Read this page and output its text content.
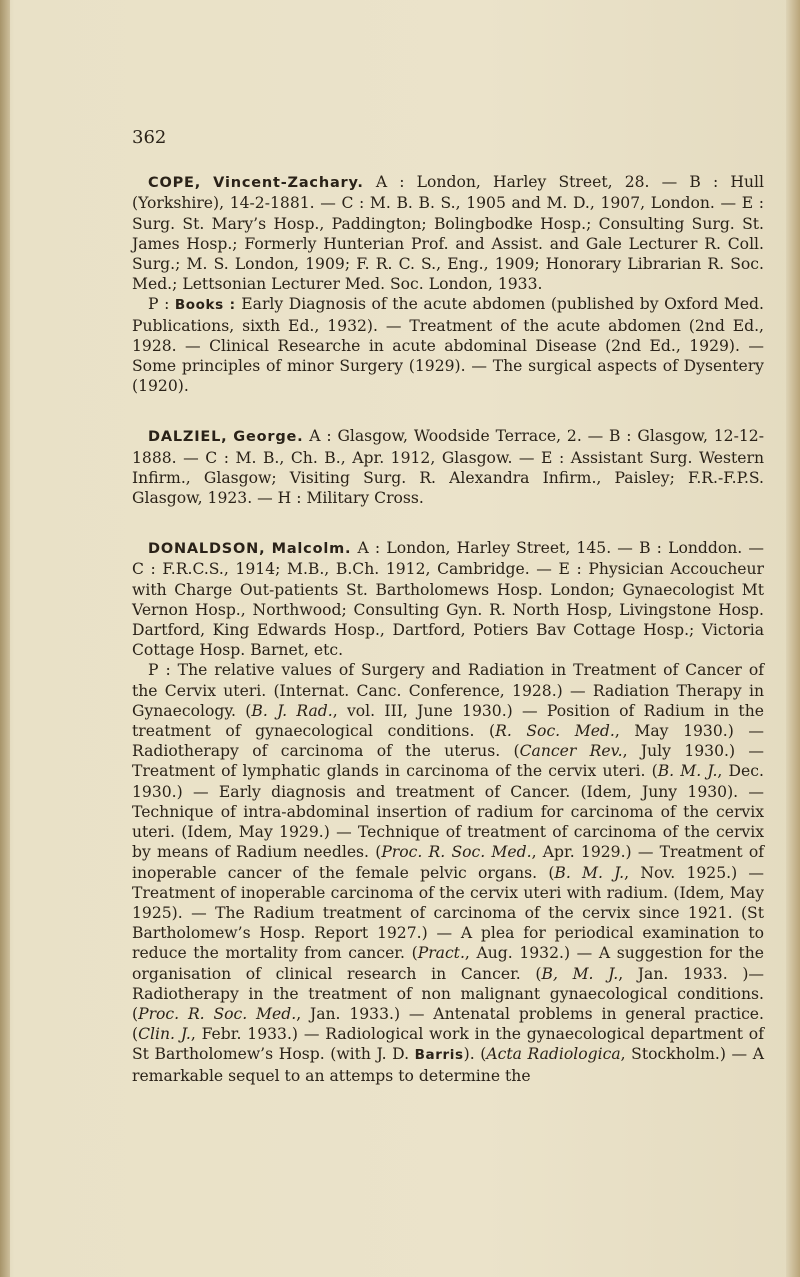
362

COPE, Vincent-Zachary. A : London, Harley Street, 28. — B : Hull (Yorkshire), 14-2-1881. — C : M. B. B. S., 1905 and M. D., 1907, London. — E : Surg. St. Mary’s Hosp., Paddington; Bolingbodke Hosp.; Consulting Surg. St. James Hosp.; Formerly Hunterian Prof. and Assist. and Gale Lecturer R. Coll. Surg.; M. S. London, 1909; F. R. C. S., Eng., 1909; Honorary Librarian R. Soc. Med.; Lettsonian Lecturer Med. Soc. London, 1933.

P : Books : Early Diagnosis of the acute abdomen (published by Oxford Med. Publications, sixth Ed., 1932). — Treatment of the acute abdomen (2nd Ed., 1928. — Clinical Researche in acute abdominal Disease (2nd Ed., 1929). — Some principles of minor Surgery (1929). — The surgical aspects of Dysentery (1920).

DALZIEL, George. A : Glasgow, Woodside Terrace, 2. — B : Glasgow, 12-12-1888. — C : M. B., Ch. B., Apr. 1912, Glasgow. — E : Assistant Surg. Western Infirm., Glasgow; Visiting Surg. R. Alexandra Infirm., Paisley; F.R.-F.P.S. Glasgow, 1923. — H : Military Cross.

DONALDSON, Malcolm. A : London, Harley Street, 145. — B : Londdon. — C : F.R.C.S., 1914; M.B., B.Ch. 1912, Cambridge. — E : Physician Accoucheur with Charge Out-patients St. Bartholomews Hosp. London; Gynaecologist Mt Vernon Hosp., Northwood; Consulting Gyn. R. North Hosp, Livingstone Hosp. Dartford, King Edwards Hosp., Dartford, Potiers Bav Cottage Hosp.; Victoria Cottage Hosp. Barnet, etc.

P : The relative values of Surgery and Radiation in Treatment of Cancer of the Cervix uteri. (Internat. Canc. Conference, 1928.) — Radiation Therapy in Gynaecology. (B. J. Rad., vol. III, June 1930.) — Position of Radium in the treatment of gynaecological conditions. (R. Soc. Med., May 1930.) — Radiotherapy of carcinoma of the uterus. (Cancer Rev., July 1930.) — Treatment of lymphatic glands in carcinoma of the cervix uteri. (B. M. J., Dec. 1930.) — Early diagnosis and treatment of Cancer. (Idem, Juny 1930). — Technique of intra-abdominal insertion of radium for carcinoma of the cervix uteri. (Idem, May 1929.) — Technique of treatment of carcinoma of the cervix by means of Radium needles. (Proc. R. Soc. Med., Apr. 1929.) — Treatment of inoperable cancer of the female pelvic organs. (B. M. J., Nov. 1925.) — Treatment of inoperable carcinoma of the cervix uteri with radium. (Idem, May 1925). — The Radium treatment of carcinoma of the cervix since 1921. (St Bartholomew’s Hosp. Report 1927.) — A plea for periodical examination to reduce the mortality from cancer. (Pract., Aug. 1932.) — A suggestion for the organisation of clinical research in Cancer. (B, M. J., Jan. 1933. )— Radiotherapy in the treatment of non malignant gynaecological conditions. (Proc. R. Soc. Med., Jan. 1933.) — Antenatal problems in general practice. (Clin. J., Febr. 1933.) — Radiological work in the gynaecological department of St Bartholomew’s Hosp. (with J. D. Barris). (Acta Radiologica, Stockholm.) — A remarkable sequel to an attemps to determine the
